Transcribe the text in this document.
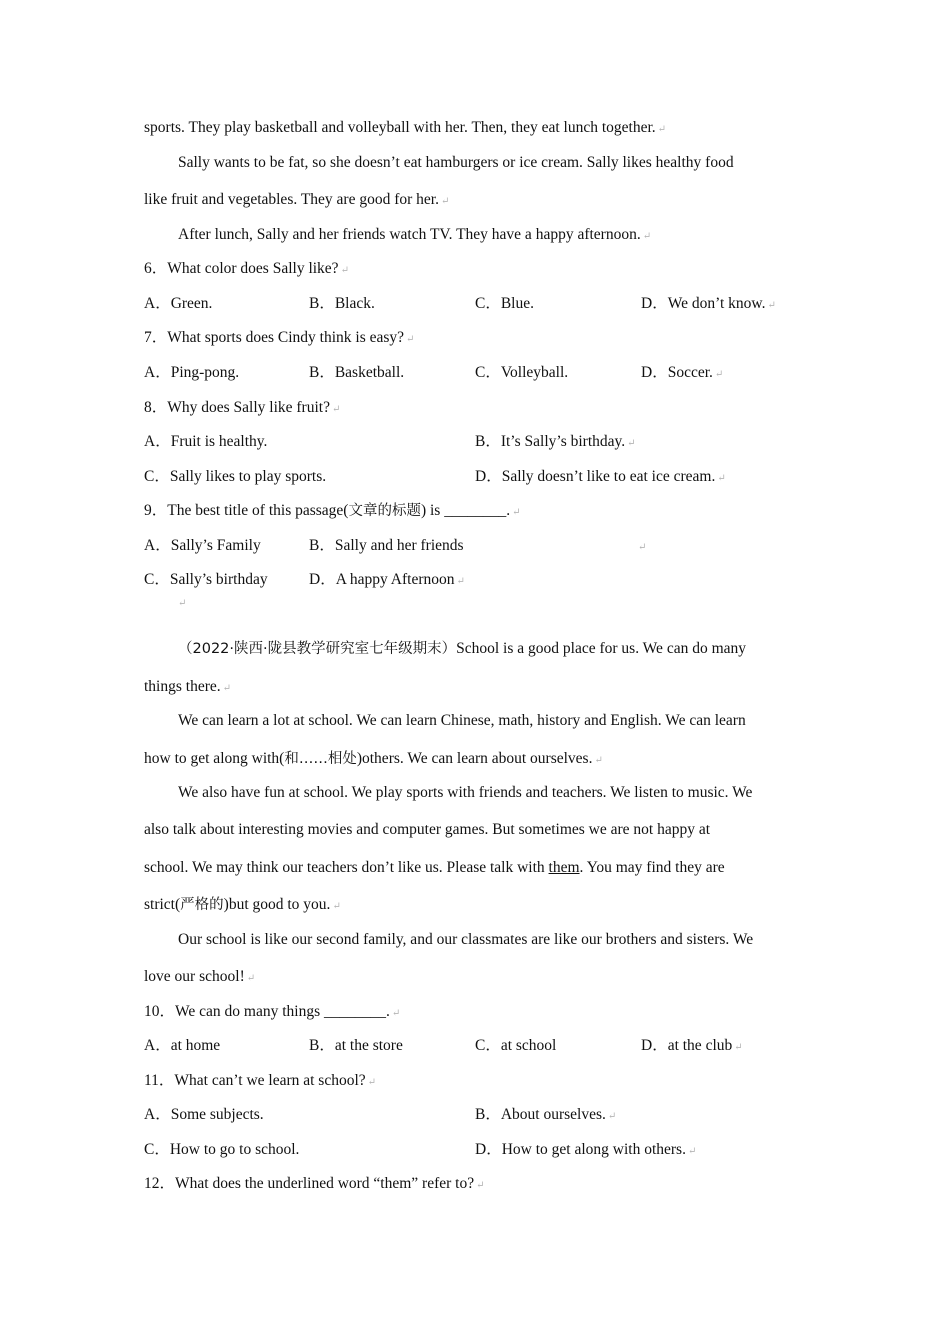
sports. They play basketball and volleyball with her. Then, they eat lunch together. ↵
Sally wants to be fat, so she doesn’t eat hamburgers or ice cream. Sally likes healthy food
like fruit and vegetables. They are good for her. ↵
After lunch, Sally and her friends watch TV. They have a happy afternoon. ↵
6．What color does Sally like? ↵
A．Green.	B．Black.	C．Blue.	D．We don’t know. ↵
7．What sports does Cindy think is easy? ↵
A．Ping-pong.	B．Basketball.	C．Volleyball.	D．Soccer. ↵
8．Why does Sally like fruit? ↵
A．Fruit is healthy.	B．It’s Sally’s birthday. ↵
C．Sally likes to play sports.	D．Sally doesn’t like to eat ice cream. ↵
9．The best title of this passage(文章的标题) is ________. ↵
A．Sally’s Family	B．Sally and her friends	↵
C．Sally’s birthday	D．A happy Afternoon ↵
↵
（2022·陕西·陇县教学研究室七年级期末）School is a good place for us. We can do many
things there. ↵
We can learn a lot at school. We can learn Chinese, math, history and English. We can learn
how to get along with(和……相处)others. We can learn about ourselves. ↵
We also have fun at school. We play sports with friends and teachers. We listen to music. We
also talk about interesting movies and computer games. But sometimes we are not happy at
school. We may think our teachers don’t like us. Please talk with them. You may find they are
strict(严格的)but good to you. ↵
Our school is like our second family, and our classmates are like our brothers and sisters. We
love our school! ↵
10．We can do many things ________. ↵
A．at home	B．at the store	C．at school	D．at the club ↵
11．What can’t we learn at school? ↵
A．Some subjects.	B．About ourselves. ↵
C．How to go to school.	D．How to get along with others. ↵
12．What does the underlined word “them” refer to? ↵
